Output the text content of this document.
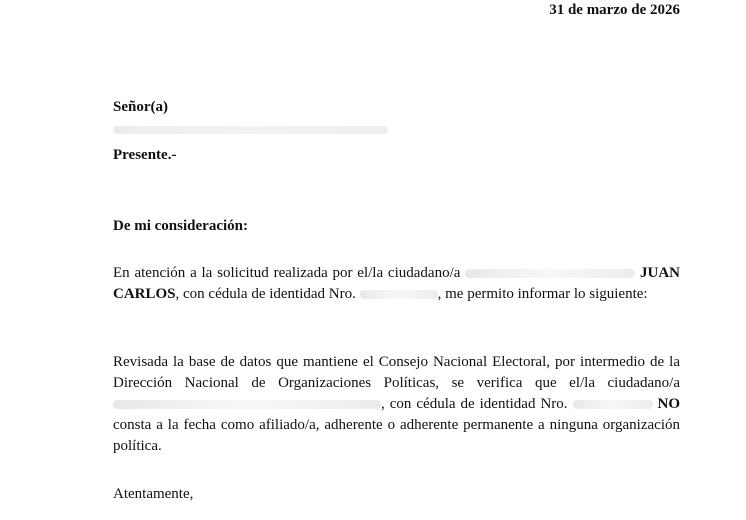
31 de marzo de 2026
Señor(a)
Presente.-
De mi consideración:
En atención a la solicitud realizada por el/la ciudadano/a	JUAN CARLOS, con cédula de identidad Nro.	, me permito informar lo siguiente:
Revisada la base de datos que mantiene el Consejo Nacional Electoral, por intermedio de la Dirección Nacional de Organizaciones Políticas, se verifica que el/la ciudadano/a , con cédula de identidad Nro.	NO consta a la fecha como afiliado/a, adherente o adherente permanente a ninguna organización política.
Atentamente,
